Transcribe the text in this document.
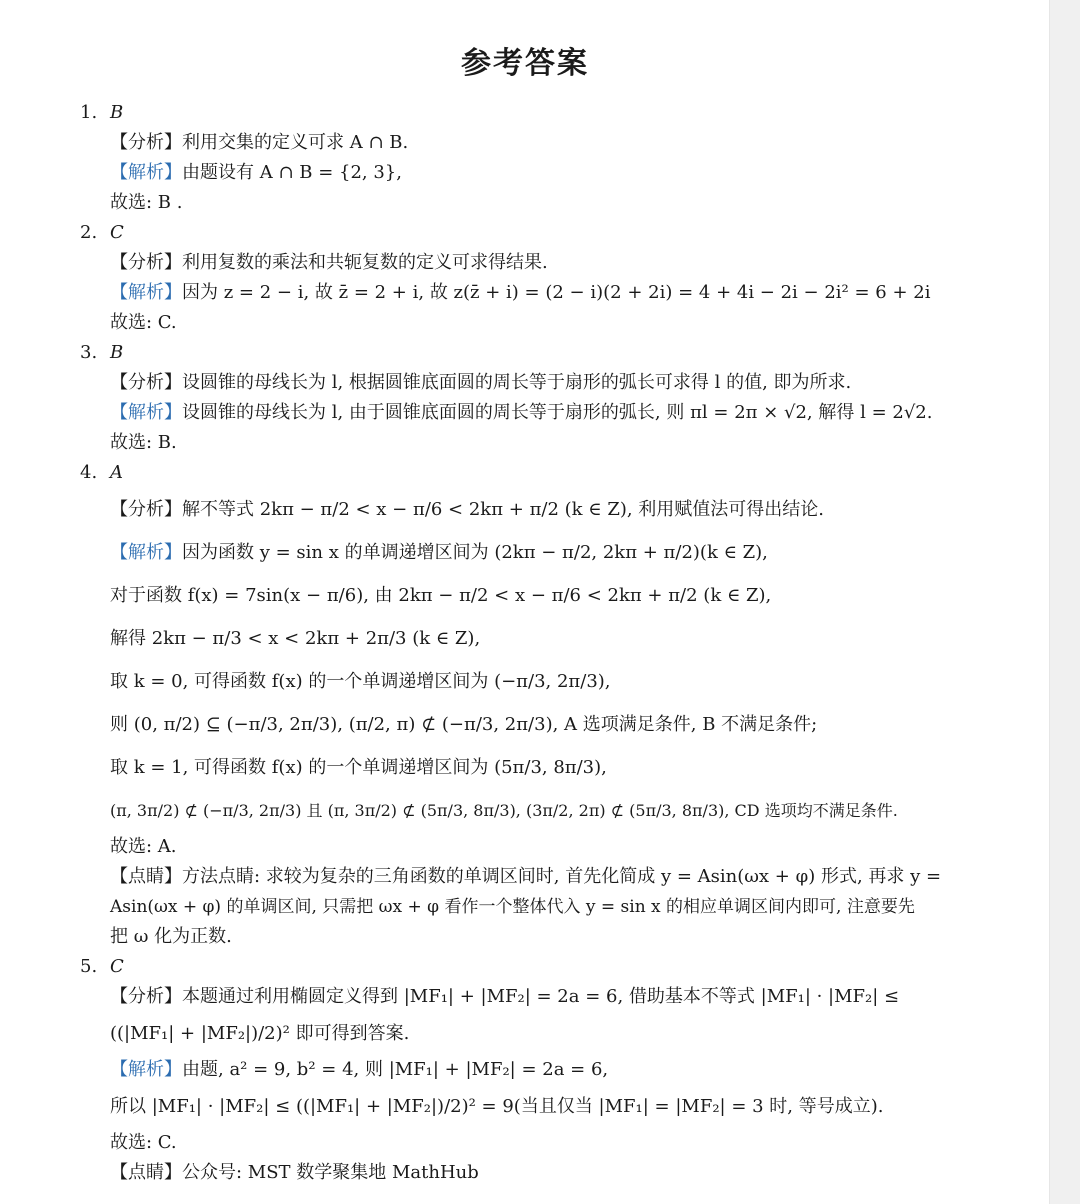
参考答案
1. B
【分析】利用交集的定义可求 A ∩ B.
【解析】由题设有 A ∩ B = {2, 3},
故选: B .
2. C
【分析】利用复数的乘法和共轭复数的定义可求得结果.
【解析】因为 z = 2 − i, 故 z̄ = 2 + i, 故 z(z̄ + i) = (2 − i)(2 + 2i) = 4 + 4i − 2i − 2i² = 6 + 2i
故选: C.
3. B
【分析】设圆锥的母线长为 l, 根据圆锥底面圆的周长等于扇形的弧长可求得 l 的值, 即为所求.
【解析】设圆锥的母线长为 l, 由于圆锥底面圆的周长等于扇形的弧长, 则 πl = 2π × √2, 解得 l = 2√2.
故选: B.
4. A
【分析】解不等式 2kπ − π/2 < x − π/6 < 2kπ + π/2 (k ∈ Z), 利用赋值法可得出结论.
【解析】因为函数 y = sin x 的单调递增区间为 (2kπ − π/2, 2kπ + π/2)(k ∈ Z),
对于函数 f(x) = 7sin(x − π/6), 由 2kπ − π/2 < x − π/6 < 2kπ + π/2 (k ∈ Z),
解得 2kπ − π/3 < x < 2kπ + 2π/3 (k ∈ Z),
取 k = 0, 可得函数 f(x) 的一个单调递增区间为 (−π/3, 2π/3),
则 (0, π/2) ⊆ (−π/3, 2π/3), (π/2, π) ⊄ (−π/3, 2π/3), A 选项满足条件, B 不满足条件;
取 k = 1, 可得函数 f(x) 的一个单调递增区间为 (5π/3, 8π/3),
(π, 3π/2) ⊄ (−π/3, 2π/3) 且 (π, 3π/2) ⊄ (5π/3, 8π/3), (3π/2, 2π) ⊄ (5π/3, 8π/3), CD 选项均不满足条件.
故选: A.
【点睛】方法点睛: 求较为复杂的三角函数的单调区间时, 首先化简成 y = Asin(ωx + φ) 形式, 再求 y =
Asin(ωx + φ) 的单调区间, 只需把 ωx + φ 看作一个整体代入 y = sin x 的相应单调区间内即可, 注意要先
把 ω 化为正数.
5. C
【分析】本题通过利用椭圆定义得到 |MF₁| + |MF₂| = 2a = 6, 借助基本不等式 |MF₁| · |MF₂| ≤
((|MF₁| + |MF₂|)/2)² 即可得到答案.
【解析】由题, a² = 9, b² = 4, 则 |MF₁| + |MF₂| = 2a = 6,
所以 |MF₁| · |MF₂| ≤ ((|MF₁| + |MF₂|)/2)² = 9(当且仅当 |MF₁| = |MF₂| = 3 时, 等号成立).
故选: C.
【点睛】公众号: MST 数学聚集地 MathHub
